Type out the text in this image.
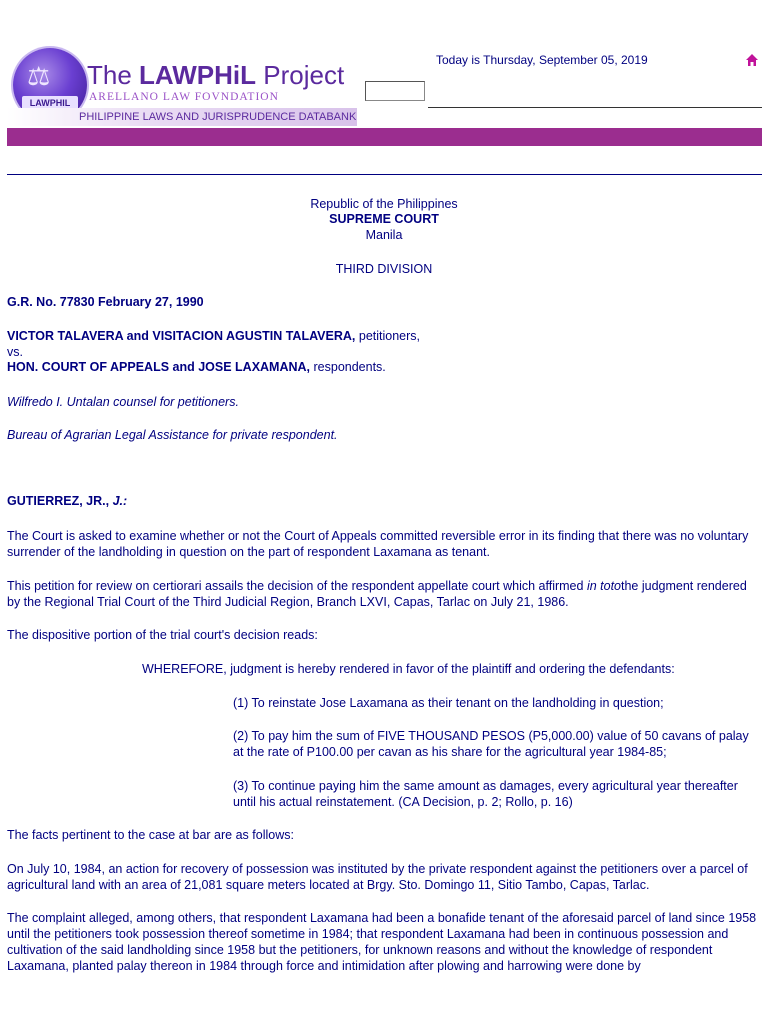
⚖
LAWPHIL
The LAWPHiL Project
ARELLANO LAW FOVNDATION
PHILIPPINE LAWS AND JURISPRUDENCE DATABANK
Today is Thursday, September 05, 2019

Republic of the Philippines

SUPREME COURT

Manila

THIRD DIVISION

G.R. No. 77830 February 27, 1990

VICTOR TALAVERA and VISITACION AGUSTIN TALAVERA, petitioners,

vs.

HON. COURT OF APPEALS and JOSE LAXAMANA, respondents.

Wilfredo I. Untalan counsel for petitioners.

Bureau of Agrarian Legal Assistance for private respondent.

GUTIERREZ, JR., J.:

The Court is asked to examine whether or not the Court of Appeals committed reversible error in its finding that there was no voluntary surrender of the landholding in question on the part of respondent Laxamana as tenant.

This petition for review on certiorari assails the decision of the respondent appellate court which affirmed in totothe judgment rendered by the Regional Trial Court of the Third Judicial Region, Branch LXVI, Capas, Tarlac on July 21, 1986.

The dispositive portion of the trial court's decision reads:

WHEREFORE, judgment is hereby rendered in favor of the plaintiff and ordering the defendants:

(1) To reinstate Jose Laxamana as their tenant on the landholding in question;

(2) To pay him the sum of FIVE THOUSAND PESOS (P5,000.00) value of 50 cavans of palay at the rate of P100.00 per cavan as his share for the agricultural year 1984-85;

(3) To continue paying him the same amount as damages, every agricultural year thereafter until his actual reinstatement. (CA Decision, p. 2; Rollo, p. 16)

The facts pertinent to the case at bar are as follows:

On July 10, 1984, an action for recovery of possession was instituted by the private respondent against the petitioners over a parcel of agricultural land with an area of 21,081 square meters located at Brgy. Sto. Domingo 11, Sitio Tambo, Capas, Tarlac.

The complaint alleged, among others, that respondent Laxamana had been a bonafide tenant of the aforesaid parcel of land since 1958 until the petitioners took possession thereof sometime in 1984; that respondent Laxamana had been in continuous possession and cultivation of the said landholding since 1958 but the petitioners, for unknown reasons and without the knowledge of respondent Laxamana, planted palay thereon in 1984 through force and intimidation after plowing and harrowing were done by
